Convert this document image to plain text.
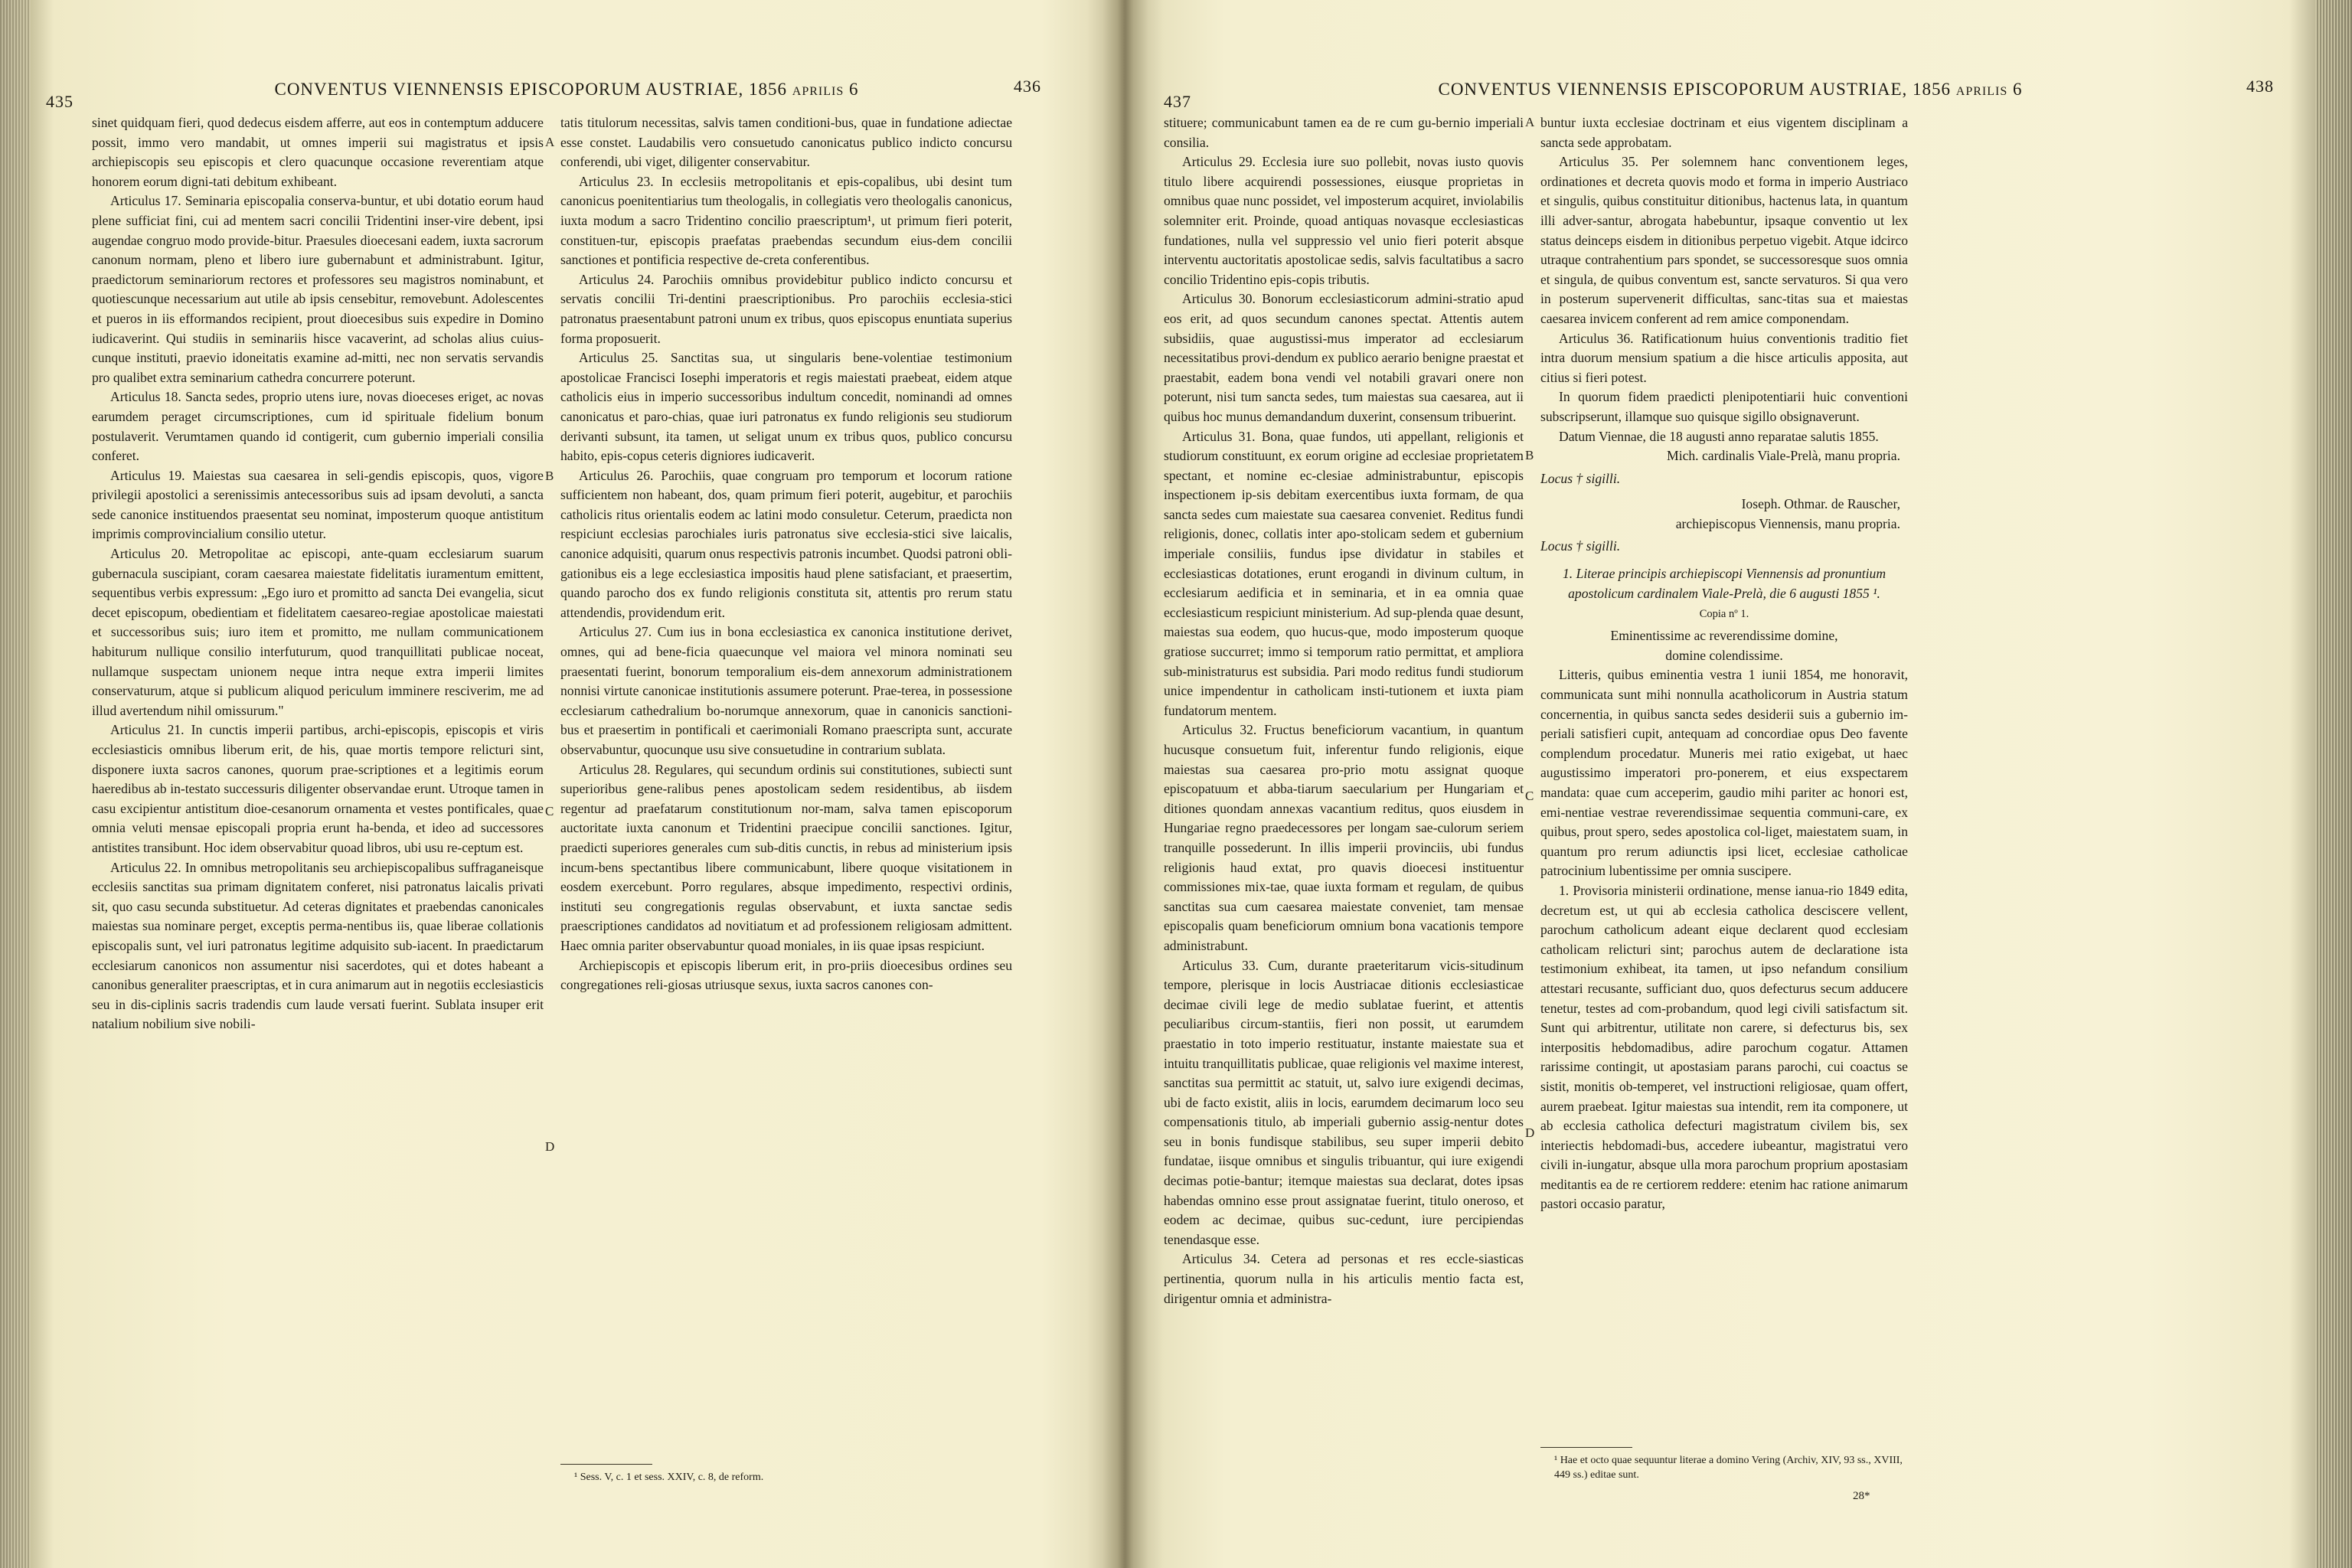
435
CONVENTUS VIENNENSIS EPISCOPORUM AUSTRIAE, 1856 aprilis 6	436

sinet quidquam fieri, quod dedecus eisdem afferre, aut eos in contemptum adducere possit, immo vero mandabit, ut omnes imperii sui magistratus et ipsis archiepiscopis seu episcopis et clero quacunque occasione reverentiam atque honorem eorum digni-tati debitum exhibeant.

Articulus 17. Seminaria episcopalia conserva-buntur, et ubi dotatio eorum haud plene sufficiat fini, cui ad mentem sacri concilii Tridentini inser-vire debent, ipsi augendae congruo modo provide-bitur. Praesules dioecesani eadem, iuxta sacrorum canonum normam, pleno et libero iure gubernabunt et administrabunt. Igitur, praedictorum seminariorum rectores et professores seu magistros nominabunt, et quotiescunque necessarium aut utile ab ipsis censebitur, removebunt. Adolescentes et pueros in iis efformandos recipient, prout dioecesibus suis expedire in Domino iudicaverint. Qui studiis in seminariis hisce vacaverint, ad scholas alius cuius-cunque instituti, praevio idoneitatis examine ad-mitti, nec non servatis servandis pro qualibet extra seminarium cathedra concurrere poterunt.

Articulus 18. Sancta sedes, proprio utens iure, novas dioeceses eriget, ac novas earumdem peraget circumscriptiones, cum id spirituale fidelium bonum postulaverit. Verumtamen quando id contigerit, cum gubernio imperiali consilia conferet.

Articulus 19. Maiestas sua caesarea in seli-gendis episcopis, quos, vigore privilegii apostolici a serenissimis antecessoribus suis ad ipsam devoluti, a sancta sede canonice instituendos praesentat seu nominat, imposterum quoque antistitum imprimis comprovincialium consilio utetur.

Articulus 20. Metropolitae ac episcopi, ante-quam ecclesiarum suarum gubernacula suscipiant, coram caesarea maiestate fidelitatis iuramentum emittent, sequentibus verbis expressum: „Ego iuro et promitto ad sancta Dei evangelia, sicut decet episcopum, obedientiam et fidelitatem caesareo-regiae apostolicae maiestati et successoribus suis; iuro item et promitto, me nullam communicationem habiturum nullique consilio interfuturum, quod tranquillitati publicae noceat, nullamque suspectam unionem neque intra neque extra imperii limites conservaturum, atque si publicum aliquod periculum imminere resciverim, me ad illud avertendum nihil omissurum."

Articulus 21. In cunctis imperii partibus, archi-episcopis, episcopis et viris ecclesiasticis omnibus liberum erit, de his, quae mortis tempore relicturi sint, disponere iuxta sacros canones, quorum prae-scriptiones et a legitimis eorum haeredibus ab in-testato successuris diligenter observandae erunt. Utroque tamen in casu excipientur antistitum dioe-cesanorum ornamenta et vestes pontificales, quae omnia veluti mensae episcopali propria erunt ha-benda, et ideo ad successores antistites transibunt. Hoc idem observabitur quoad libros, ubi usu re-ceptum est.

Articulus 22. In omnibus metropolitanis seu archiepiscopalibus suffraganeisque ecclesiis sanctitas sua primam dignitatem conferet, nisi patronatus laicalis privati sit, quo casu secunda substituetur. Ad ceteras dignitates et praebendas canonicales maiestas sua nominare perget, exceptis perma-nentibus iis, quae liberae collationis episcopalis sunt, vel iuri patronatus legitime adquisito sub-iacent. In praedictarum ecclesiarum canonicos non assumentur nisi sacerdotes, qui et dotes habeant a canonibus generaliter praescriptas, et in cura animarum aut in negotiis ecclesiasticis seu in dis-ciplinis sacris tradendis cum laude versati fuerint. Sublata insuper erit natalium nobilium sive nobili-

A
B
C
D

tatis titulorum necessitas, salvis tamen conditioni-bus, quae in fundatione adiectae esse constet. Laudabilis vero consuetudo canonicatus publico indicto concursu conferendi, ubi viget, diligenter conservabitur.

Articulus 23. In ecclesiis metropolitanis et epis-copalibus, ubi desint tum canonicus poenitentiarius tum theologalis, in collegiatis vero theologalis canonicus, iuxta modum a sacro Tridentino concilio praescriptum¹, ut primum fieri poterit, constituen-tur, episcopis praefatas praebendas secundum eius-dem concilii sanctiones et pontificia respective de-creta conferentibus.

Articulus 24. Parochiis omnibus providebitur publico indicto concursu et servatis concilii Tri-dentini praescriptionibus. Pro parochiis ecclesia-stici patronatus praesentabunt patroni unum ex tribus, quos episcopus enuntiata superius forma proposuerit.

Articulus 25. Sanctitas sua, ut singularis bene-volentiae testimonium apostolicae Francisci Iosephi imperatoris et regis maiestati praebeat, eidem atque catholicis eius in imperio successoribus indultum concedit, nominandi ad omnes canonicatus et paro-chias, quae iuri patronatus ex fundo religionis seu studiorum derivanti subsunt, ita tamen, ut seligat unum ex tribus quos, publico concursu habito, epis-copus ceteris digniores iudicaverit.

Articulus 26. Parochiis, quae congruam pro temporum et locorum ratione sufficientem non habeant, dos, quam primum fieri poterit, augebitur, et parochiis catholicis ritus orientalis eodem ac latini modo consuletur. Ceterum, praedicta non respiciunt ecclesias parochiales iuris patronatus sive ecclesia-stici sive laicalis, canonice adquisiti, quarum onus respectivis patronis incumbet. Quodsi patroni obli-gationibus eis a lege ecclesiastica impositis haud plene satisfaciant, et praesertim, quando parocho dos ex fundo religionis constituta sit, attentis pro rerum statu attendendis, providendum erit.

Articulus 27. Cum ius in bona ecclesiastica ex canonica institutione derivet, omnes, qui ad bene-ficia quaecunque vel maiora vel minora nominati seu praesentati fuerint, bonorum temporalium eis-dem annexorum administrationem nonnisi virtute canonicae institutionis assumere poterunt. Prae-terea, in possessione ecclesiarum cathedralium bo-norumque annexorum, quae in canonicis sanctioni-bus et praesertim in pontificali et caerimoniali Romano praescripta sunt, accurate observabuntur, quocunque usu sive consuetudine in contrarium sublata.

Articulus 28. Regulares, qui secundum ordinis sui constitutiones, subiecti sunt superioribus gene-ralibus penes apostolicam sedem residentibus, ab iisdem regentur ad praefatarum constitutionum nor-mam, salva tamen episcoporum auctoritate iuxta canonum et Tridentini praecipue concilii sanctiones. Igitur, praedicti superiores generales cum sub-ditis cunctis, in rebus ad ministerium ipsis incum-bens spectantibus libere communicabunt, libere quoque visitationem in eosdem exercebunt. Porro regulares, absque impedimento, respectivi ordinis, instituti seu congregationis regulas observabunt, et iuxta sanctae sedis praescriptiones candidatos ad novitiatum et ad professionem religiosam admittent. Haec omnia pariter observabuntur quoad moniales, in iis quae ipsas respiciunt.

Archiepiscopis et episcopis liberum erit, in pro-priis dioecesibus ordines seu congregationes reli-giosas utriusque sexus, iuxta sacros canones con-

¹ Sess. V, c. 1 et sess. XXIV, c. 8, de reform.
437
CONVENTUS VIENNENSIS EPISCOPORUM AUSTRIAE, 1856 aprilis 6	438

stituere; communicabunt tamen ea de re cum gu-bernio imperiali consilia.

Articulus 29. Ecclesia iure suo pollebit, novas iusto quovis titulo libere acquirendi possessiones, eiusque proprietas in omnibus quae nunc possidet, vel imposterum acquiret, inviolabilis solemniter erit. Proinde, quoad antiquas novasque ecclesiasticas fundationes, nulla vel suppressio vel unio fieri poterit absque interventu auctoritatis apostolicae sedis, salvis facultatibus a sacro concilio Tridentino epis-copis tributis.

Articulus 30. Bonorum ecclesiasticorum admini-stratio apud eos erit, ad quos secundum canones spectat. Attentis autem subsidiis, quae augustissi-mus imperator ad ecclesiarum necessitatibus provi-dendum ex publico aerario benigne praestat et praestabit, eadem bona vendi vel notabili gravari onere non poterunt, nisi tum sancta sedes, tum maiestas sua caesarea, aut ii quibus hoc munus demandandum duxerint, consensum tribuerint.

Articulus 31. Bona, quae fundos, uti appellant, religionis et studiorum constituunt, ex eorum origine ad ecclesiae proprietatem spectant, et nomine ec-clesiae administrabuntur, episcopis inspectionem ip-sis debitam exercentibus iuxta formam, de qua sancta sedes cum maiestate sua caesarea conveniet. Reditus fundi religionis, donec, collatis inter apo-stolicam sedem et gubernium imperiale consiliis, fundus ipse dividatur in stabiles et ecclesiasticas dotationes, erunt erogandi in divinum cultum, in ecclesiarum aedificia et in seminaria, et in ea omnia quae ecclesiasticum respiciunt ministerium. Ad sup-plenda quae desunt, maiestas sua eodem, quo hucus-que, modo imposterum quoque gratiose succurret; immo si temporum ratio permittat, et ampliora sub-ministraturus est subsidia. Pari modo reditus fundi studiorum unice impendentur in catholicam insti-tutionem et iuxta piam fundatorum mentem.

Articulus 32. Fructus beneficiorum vacantium, in quantum hucusque consuetum fuit, inferentur fundo religionis, eique maiestas sua caesarea pro-prio motu assignat quoque episcopatuum et abba-tiarum saecularium per Hungariam et ditiones quondam annexas vacantium reditus, quos eiusdem in Hungariae regno praedecessores per longam sae-culorum seriem tranquille possederunt. In illis imperii provinciis, ubi fundus religionis haud extat, pro quavis dioecesi instituentur commissiones mix-tae, quae iuxta formam et regulam, de quibus sanctitas sua cum caesarea maiestate conveniet, tam mensae episcopalis quam beneficiorum omnium bona vacationis tempore administrabunt.

Articulus 33. Cum, durante praeteritarum vicis-situdinum tempore, plerisque in locis Austriacae ditionis ecclesiasticae decimae civili lege de medio sublatae fuerint, et attentis peculiaribus circum-stantiis, fieri non possit, ut earumdem praestatio in toto imperio restituatur, instante maiestate sua et intuitu tranquillitatis publicae, quae religionis vel maxime interest, sanctitas sua permittit ac statuit, ut, salvo iure exigendi decimas, ubi de facto existit, aliis in locis, earumdem decimarum loco seu compensationis titulo, ab imperiali gubernio assig-nentur dotes seu in bonis fundisque stabilibus, seu super imperii debito fundatae, iisque omnibus et singulis tribuantur, qui iure exigendi decimas potie-bantur; itemque maiestas sua declarat, dotes ipsas habendas omnino esse prout assignatae fuerint, titulo oneroso, et eodem ac decimae, quibus suc-cedunt, iure percipiendas tenendasque esse.

Articulus 34. Cetera ad personas et res eccle-siasticas pertinentia, quorum nulla in his articulis mentio facta est, dirigentur omnia et administra-

A
B
C
D

buntur iuxta ecclesiae doctrinam et eius vigentem disciplinam a sancta sede approbatam.

Articulus 35. Per solemnem hanc conventionem leges, ordinationes et decreta quovis modo et forma in imperio Austriaco et singulis, quibus constituitur ditionibus, hactenus lata, in quantum illi adver-santur, abrogata habebuntur, ipsaque conventio ut lex status deinceps eisdem in ditionibus perpetuo vigebit. Atque idcirco utraque contrahentium pars spondet, se successoresque suos omnia et singula, de quibus conventum est, sancte servaturos. Si qua vero in posterum supervenerit difficultas, sanc-titas sua et maiestas caesarea invicem conferent ad rem amice componendam.

Articulus 36. Ratificationum huius conventionis traditio fiet intra duorum mensium spatium a die hisce articulis apposita, aut citius si fieri potest.

In quorum fidem praedicti plenipotentiarii huic conventioni subscripserunt, illamque suo quisque sigillo obsignaverunt.

Datum Viennae, die 18 augusti anno reparatae salutis 1855.

Mich. cardinalis Viale-Prelà, manu propria.

Locus † sigilli.

Ioseph. Othmar. de Rauscher,

archiepiscopus Viennensis, manu propria.

Locus † sigilli.

1. Literae principis archiepiscopi Viennensis ad pronuntium apostolicum cardinalem Viale-Prelà, die 6 augusti 1855 ¹.

Copia nº 1.

Eminentissime ac reverendissime domine,

domine colendissime.

Litteris, quibus eminentia vestra 1 iunii 1854, me honoravit, communicata sunt mihi nonnulla acatholicorum in Austria statum concernentia, in quibus sancta sedes desiderii suis a gubernio im-periali satisfieri cupit, antequam ad concordiae opus Deo favente complendum procedatur. Muneris mei ratio exigebat, ut haec augustissimo imperatori pro-ponerem, et eius exspectarem mandata: quae cum acceperim, gaudio mihi pariter ac honori est, emi-nentiae vestrae reverendissimae sequentia communi-care, ex quibus, prout spero, sedes apostolica col-liget, maiestatem suam, in quantum pro rerum adiunctis ipsi licet, ecclesiae catholicae patrocinium lubentissime per omnia suscipere.

1. Provisoria ministerii ordinatione, mense ianua-rio 1849 edita, decretum est, ut qui ab ecclesia catholica desciscere vellent, parochum catholicum adeant eique declarent quod ecclesiam catholicam relicturi sint; parochus autem de declaratione ista testimonium exhibeat, ita tamen, ut ipso nefandum consilium attestari recusante, sufficiant duo, quos defecturus secum adducere tenetur, testes ad com-probandum, quod legi civili satisfactum sit. Sunt qui arbitrentur, utilitate non carere, si defecturus bis, sex interpositis hebdomadibus, adire parochum cogatur. Attamen rarissime contingit, ut apostasiam parans parochi, cui coactus se sistit, monitis ob-temperet, vel instructioni religiosae, quam offert, aurem praebeat. Igitur maiestas sua intendit, rem ita componere, ut ab ecclesia catholica defecturi magistratum civilem bis, sex interiectis hebdomadi-bus, accedere iubeantur, magistratui vero civili in-iungatur, absque ulla mora parochum proprium apostasiam meditantis ea de re certiorem reddere: etenim hac ratione animarum pastori occasio paratur,

¹ Hae et octo quae sequuntur literae a domino Vering (Archiv, XIV, 93 ss., XVIII, 449 ss.) editae sunt.
28*
